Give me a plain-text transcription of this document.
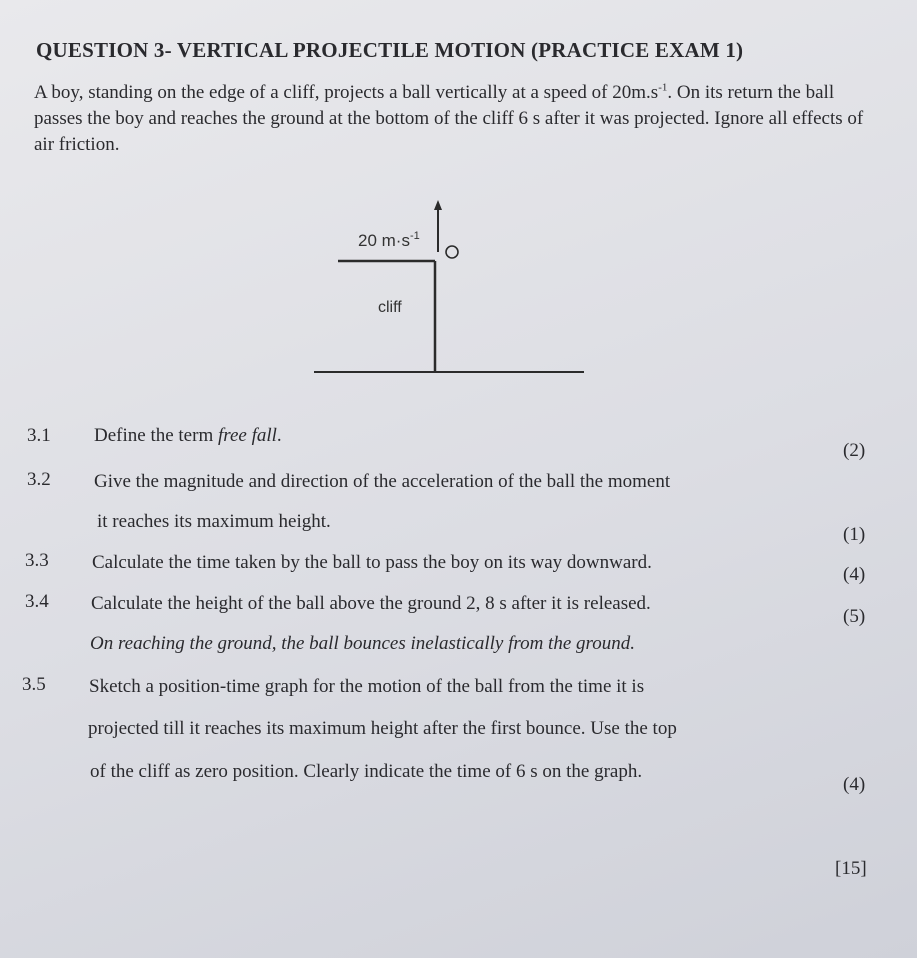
QUESTION 3- VERTICAL PROJECTILE MOTION (PRACTICE EXAM 1)
A boy, standing on the edge of a cliff, projects a ball vertically at a speed of $20m.s^{-1}$. On its return the ball passes the boy and reaches the ground at the bottom of the cliff 6 s after it was projected. Ignore all effects of air friction.
20 $m\cdot s^{-1}$
cliff
3.1 Define the term free fall.
(2)
3.2 Give the magnitude and direction of the acceleration of the ball the moment
it reaches its maximum height.
(1)
3.3 Calculate the time taken by the ball to pass the boy on its way downward.
(4)
3.4 Calculate the height of the ball above the ground 2, 8 s after it is released.
(5)
On reaching the ground, the ball bounces inelastically from the ground.
3.5 Sketch a position-time graph for the motion of the ball from the time it is
projected till it reaches its maximum height after the first bounce. Use the top
of the cliff as zero position. Clearly indicate the time of 6 s on the graph.
(4)
[15]
